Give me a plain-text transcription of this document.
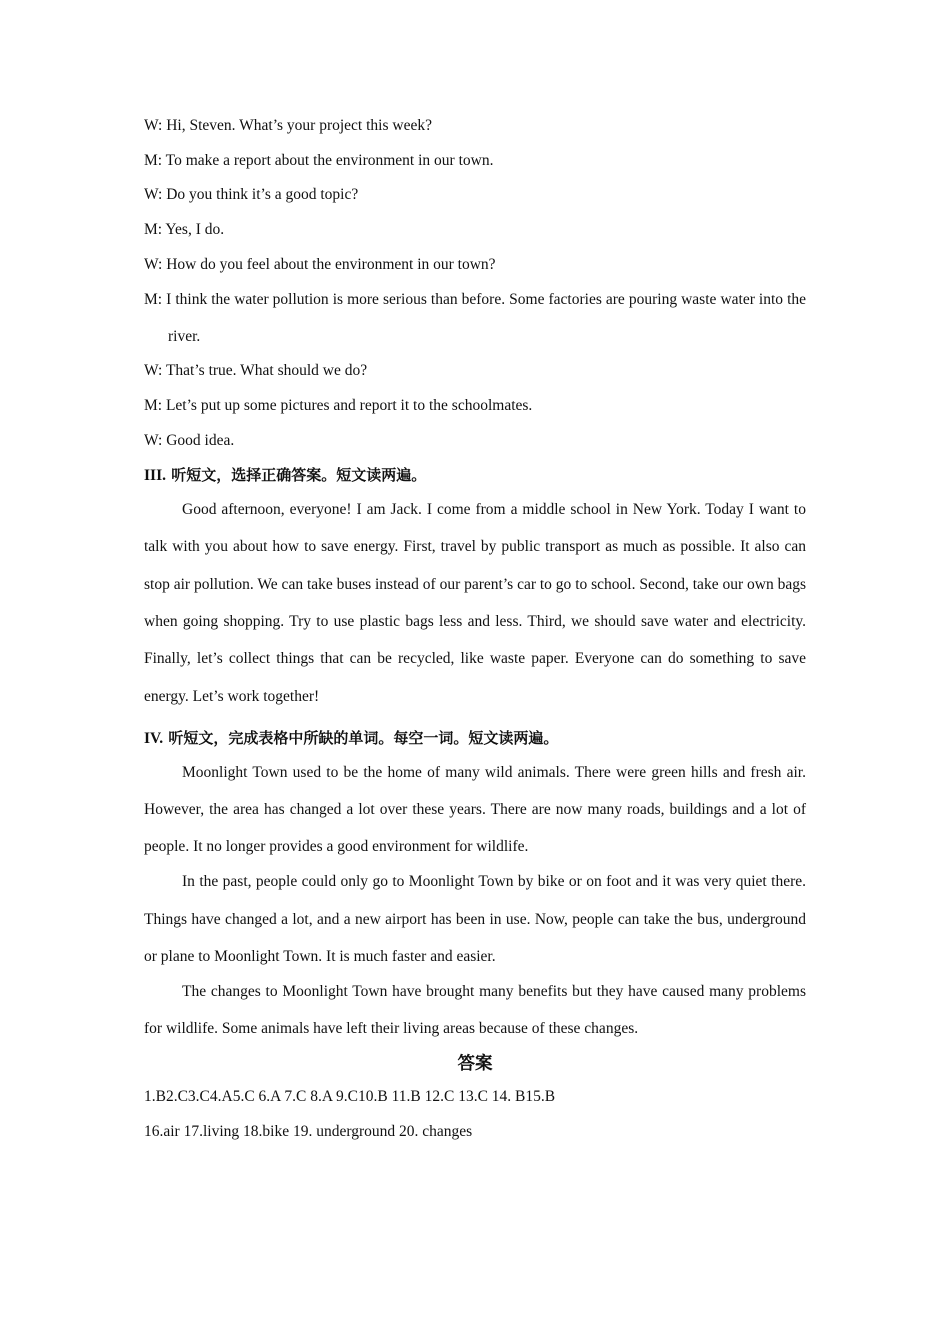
W: Hi, Steven. What’s your project this week?
M: To make a report about the environment in our town.
W: Do you think it’s a good topic?
M: Yes, I do.
W: How do you feel about the environment in our town?
M: I think the water pollution is more serious than before. Some factories are pouring waste water into the river.
W: That’s true. What should we do?
M: Let’s put up some pictures and report it to the schoolmates.
W: Good idea.
III. 听短文，选择正确答案。短文读两遍。

Good afternoon, everyone! I am Jack. I come from a middle school in New York. Today I want to talk with you about how to save energy. First, travel by public transport as much as possible. It also can stop air pollution. We can take buses instead of our parent’s car to go to school. Second, take our own bags when going shopping. Try to use plastic bags less and less. Third, we should save water and electricity. Finally, let’s collect things that can be recycled, like waste paper. Everyone can do something to save energy. Let’s work together!

IV. 听短文，完成表格中所缺的单词。每空一词。短文读两遍。

Moonlight Town used to be the home of many wild animals. There were green hills and fresh air. However, the area has changed a lot over these years. There are now many roads, buildings and a lot of people. It no longer provides a good environment for wildlife.

In the past, people could only go to Moonlight Town by bike or on foot and it was very quiet there. Things have changed a lot, and a new airport has been in use. Now, people can take the bus, underground or plane to Moonlight Town. It is much faster and easier.

The changes to Moonlight Town have brought many benefits but they have caused many problems for wildlife. Some animals have left their living areas because of these changes.

答案
1.B2.C3.C4.A5.C 6.A 7.C 8.A 9.C10.B 11.B 12.C 13.C 14. B15.B
16.air 17.living 18.bike 19. underground 20. changes
